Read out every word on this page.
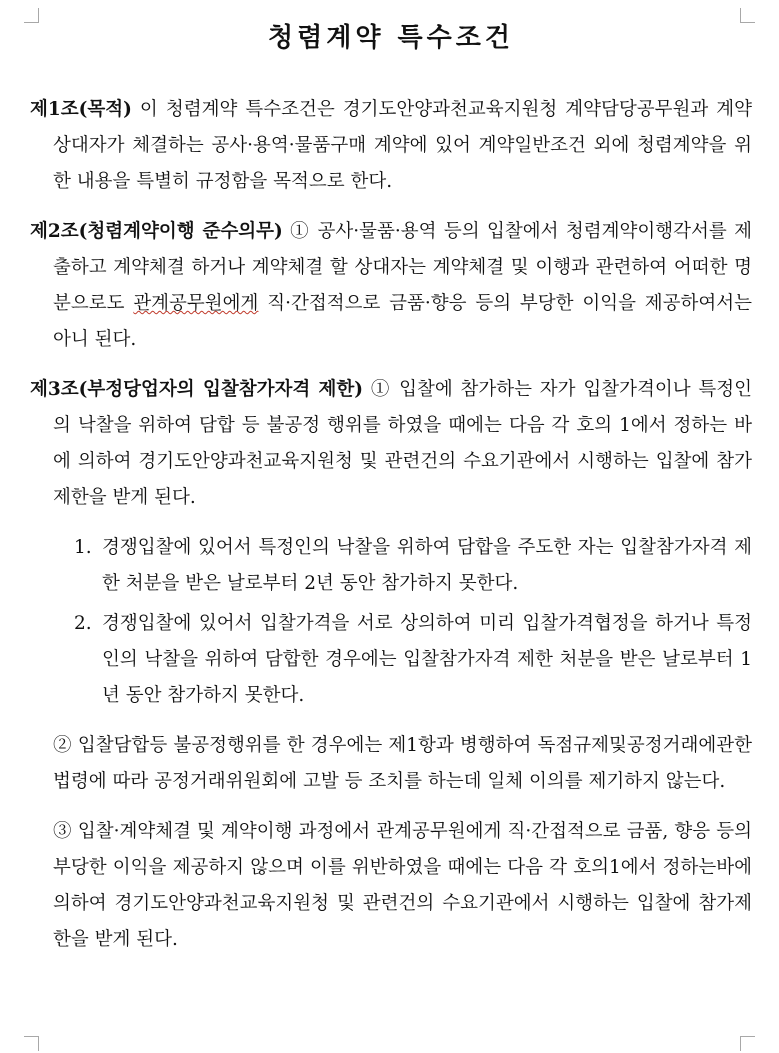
청렴계약 특수조건

제1조(목적) 이 청렴계약 특수조건은 경기도안양과천교육지원청 계약담당공무원과 계약상대자가 체결하는 공사·용역·물품구매 계약에 있어 계약일반조건 외에 청렴계약을 위한 내용을 특별히 규정함을 목적으로 한다.

제2조(청렴계약이행 준수의무) ① 공사·물품·용역 등의 입찰에서 청렴계약이행각서를 제출하고 계약체결 하거나 계약체결 할 상대자는 계약체결 및 이행과 관련하여 어떠한 명분으로도 관계공무원에게 직·간접적으로 금품·향응 등의 부당한 이익을 제공하여서는 아니 된다.

제3조(부정당업자의 입찰참가자격 제한) ① 입찰에 참가하는 자가 입찰가격이나 특정인의 낙찰을 위하여 담합 등 불공정 행위를 하였을 때에는 다음 각 호의 1에서 정하는 바에 의하여 경기도안양과천교육지원청 및 관련건의 수요기관에서 시행하는 입찰에 참가 제한을 받게 된다.

1. 경쟁입찰에 있어서 특정인의 낙찰을 위하여 담합을 주도한 자는 입찰참가자격 제한 처분을 받은 날로부터 2년 동안 참가하지 못한다.
2. 경쟁입찰에 있어서 입찰가격을 서로 상의하여 미리 입찰가격협정을 하거나 특정인의 낙찰을 위하여 담합한 경우에는 입찰참가자격 제한 처분을 받은 날로부터 1년 동안 참가하지 못한다.

② 입찰담합등 불공정행위를 한 경우에는 제1항과 병행하여 독점규제및공정거래에관한 법령에 따라 공정거래위원회에 고발 등 조치를 하는데 일체 이의를 제기하지 않는다.

③ 입찰·계약체결 및 계약이행 과정에서 관계공무원에게 직·간접적으로 금품, 향응 등의 부당한 이익을 제공하지 않으며 이를 위반하였을 때에는 다음 각 호의1에서 정하는바에 의하여 경기도안양과천교육지원청 및 관련건의 수요기관에서 시행하는 입찰에 참가제한을 받게 된다.
